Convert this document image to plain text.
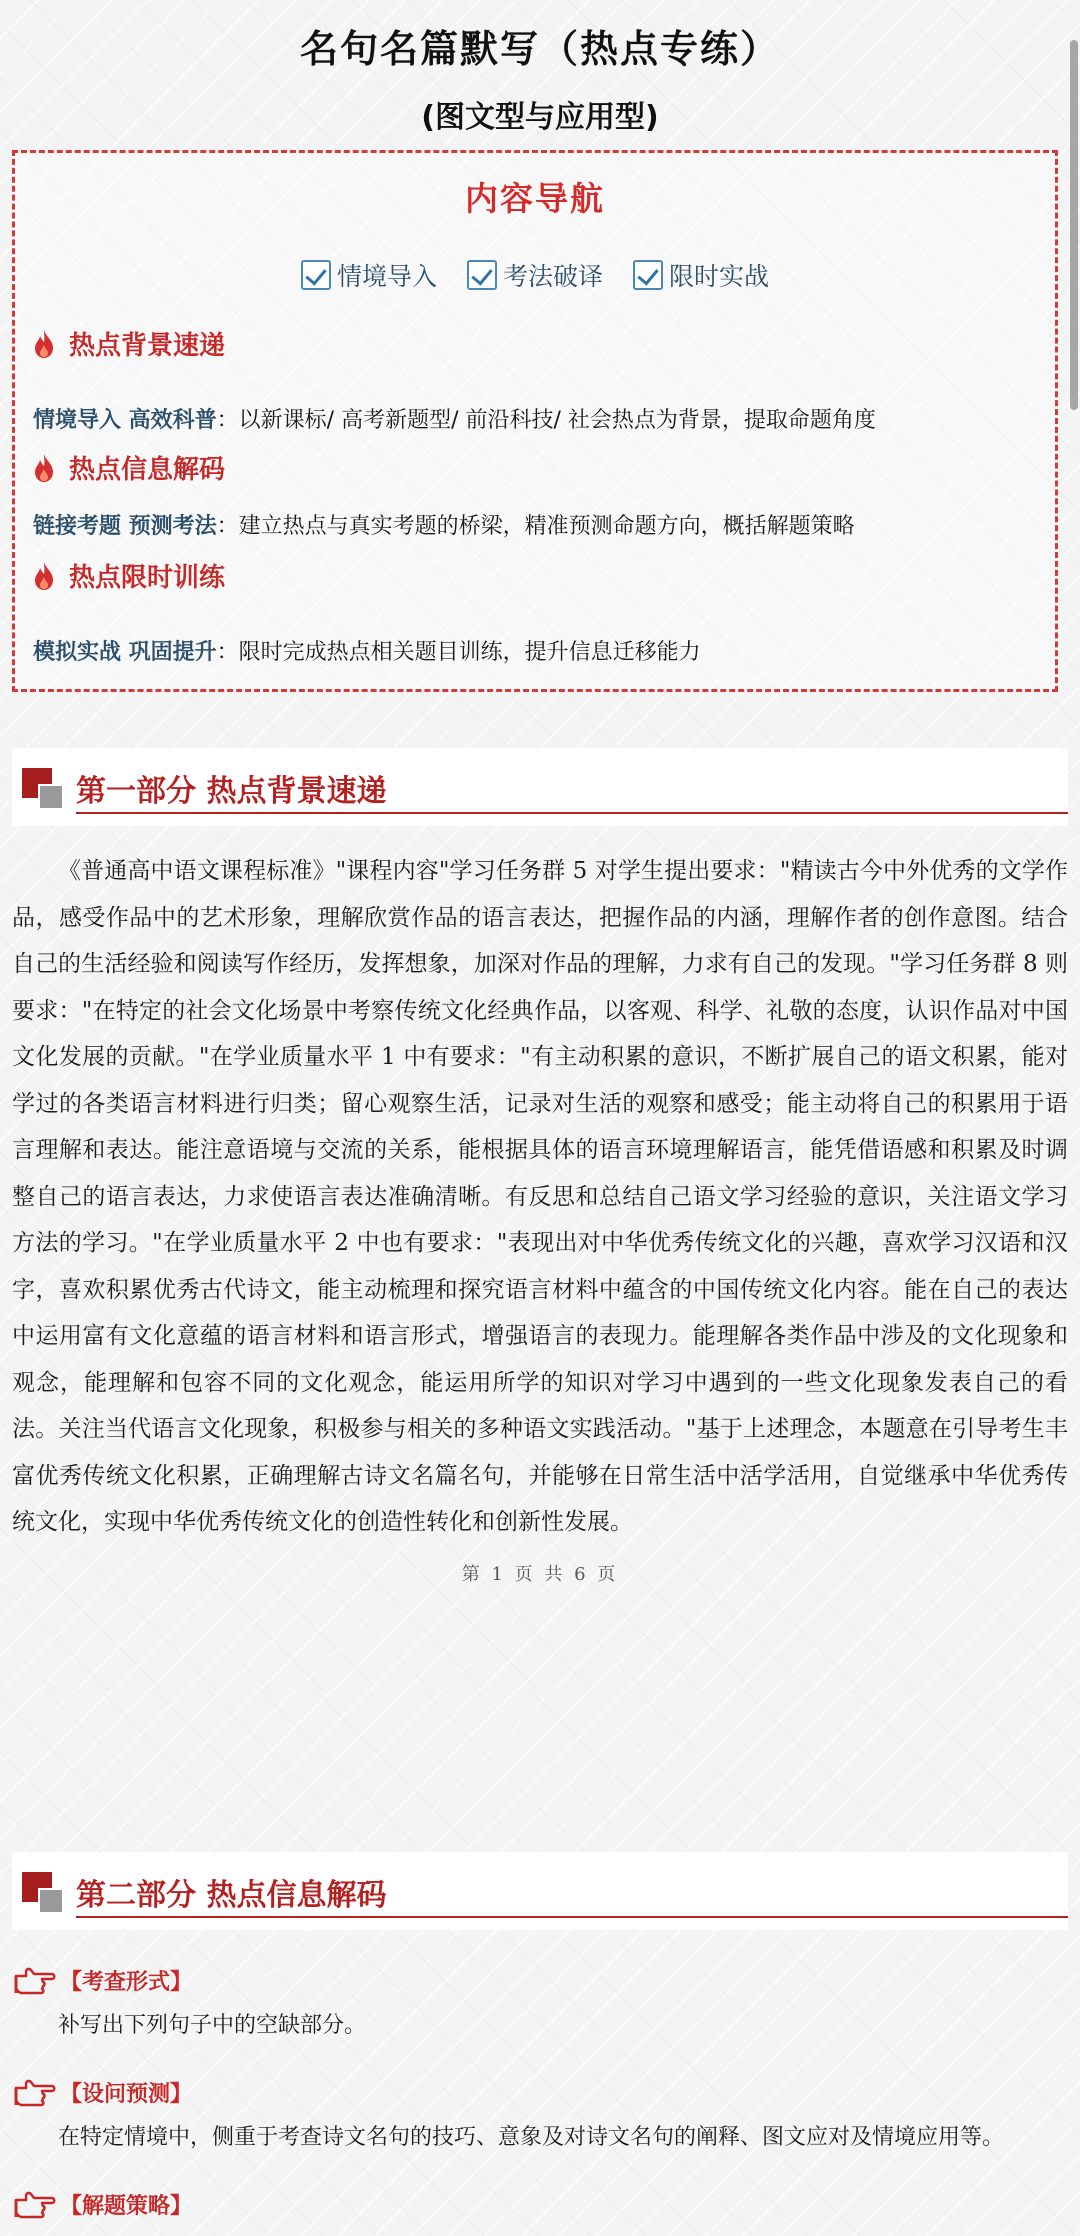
名句名篇默写（热点专练）
(图文型与应用型)
内容导航
情境导入	考法破译	限时实战
热点背景速递
情境导入 高效科普：以新课标/ 高考新题型/ 前沿科技/ 社会热点为背景，提取命题角度
热点信息解码
链接考题 预测考法：建立热点与真实考题的桥梁，精准预测命题方向，概括解题策略
热点限时训练
模拟实战 巩固提升：限时完成热点相关题目训练，提升信息迁移能力
第一部分 热点背景速递
《普通高中语文课程标准》"课程内容"学习任务群 5 对学生提出要求："精读古今中外优秀的文学作品，感受作品中的艺术形象，理解欣赏作品的语言表达，把握作品的内涵，理解作者的创作意图。结合自己的生活经验和阅读写作经历，发挥想象，加深对作品的理解，力求有自己的发现。"学习任务群 8 则要求："在特定的社会文化场景中考察传统文化经典作品，以客观、科学、礼敬的态度，认识作品对中国文化发展的贡献。"在学业质量水平 1 中有要求："有主动积累的意识，不断扩展自己的语文积累，能对学过的各类语言材料进行归类；留心观察生活，记录对生活的观察和感受；能主动将自己的积累用于语言理解和表达。能注意语境与交流的关系，能根据具体的语言环境理解语言，能凭借语感和积累及时调整自己的语言表达，力求使语言表达准确清晰。有反思和总结自己语文学习经验的意识，关注语文学习方法的学习。"在学业质量水平 2 中也有要求："表现出对中华优秀传统文化的兴趣，喜欢学习汉语和汉字，喜欢积累优秀古代诗文，能主动梳理和探究语言材料中蕴含的中国传统文化内容。能在自己的表达中运用富有文化意蕴的语言材料和语言形式，增强语言的表现力。能理解各类作品中涉及的文化现象和观念，能理解和包容不同的文化观念，能运用所学的知识对学习中遇到的一些文化现象发表自己的看法。关注当代语言文化现象，积极参与相关的多种语文实践活动。"基于上述理念，本题意在引导考生丰富优秀传统文化积累，正确理解古诗文名篇名句，并能够在日常生活中活学活用，自觉继承中华优秀传统文化，实现中华优秀传统文化的创造性转化和创新性发展。
第 1 页 共 6 页
第二部分 热点信息解码
【考查形式】
补写出下列句子中的空缺部分。
【设问预测】
在特定情境中，侧重于考查诗文名句的技巧、意象及对诗文名句的阐释、图文应对及情境应用等。
【解题策略】
